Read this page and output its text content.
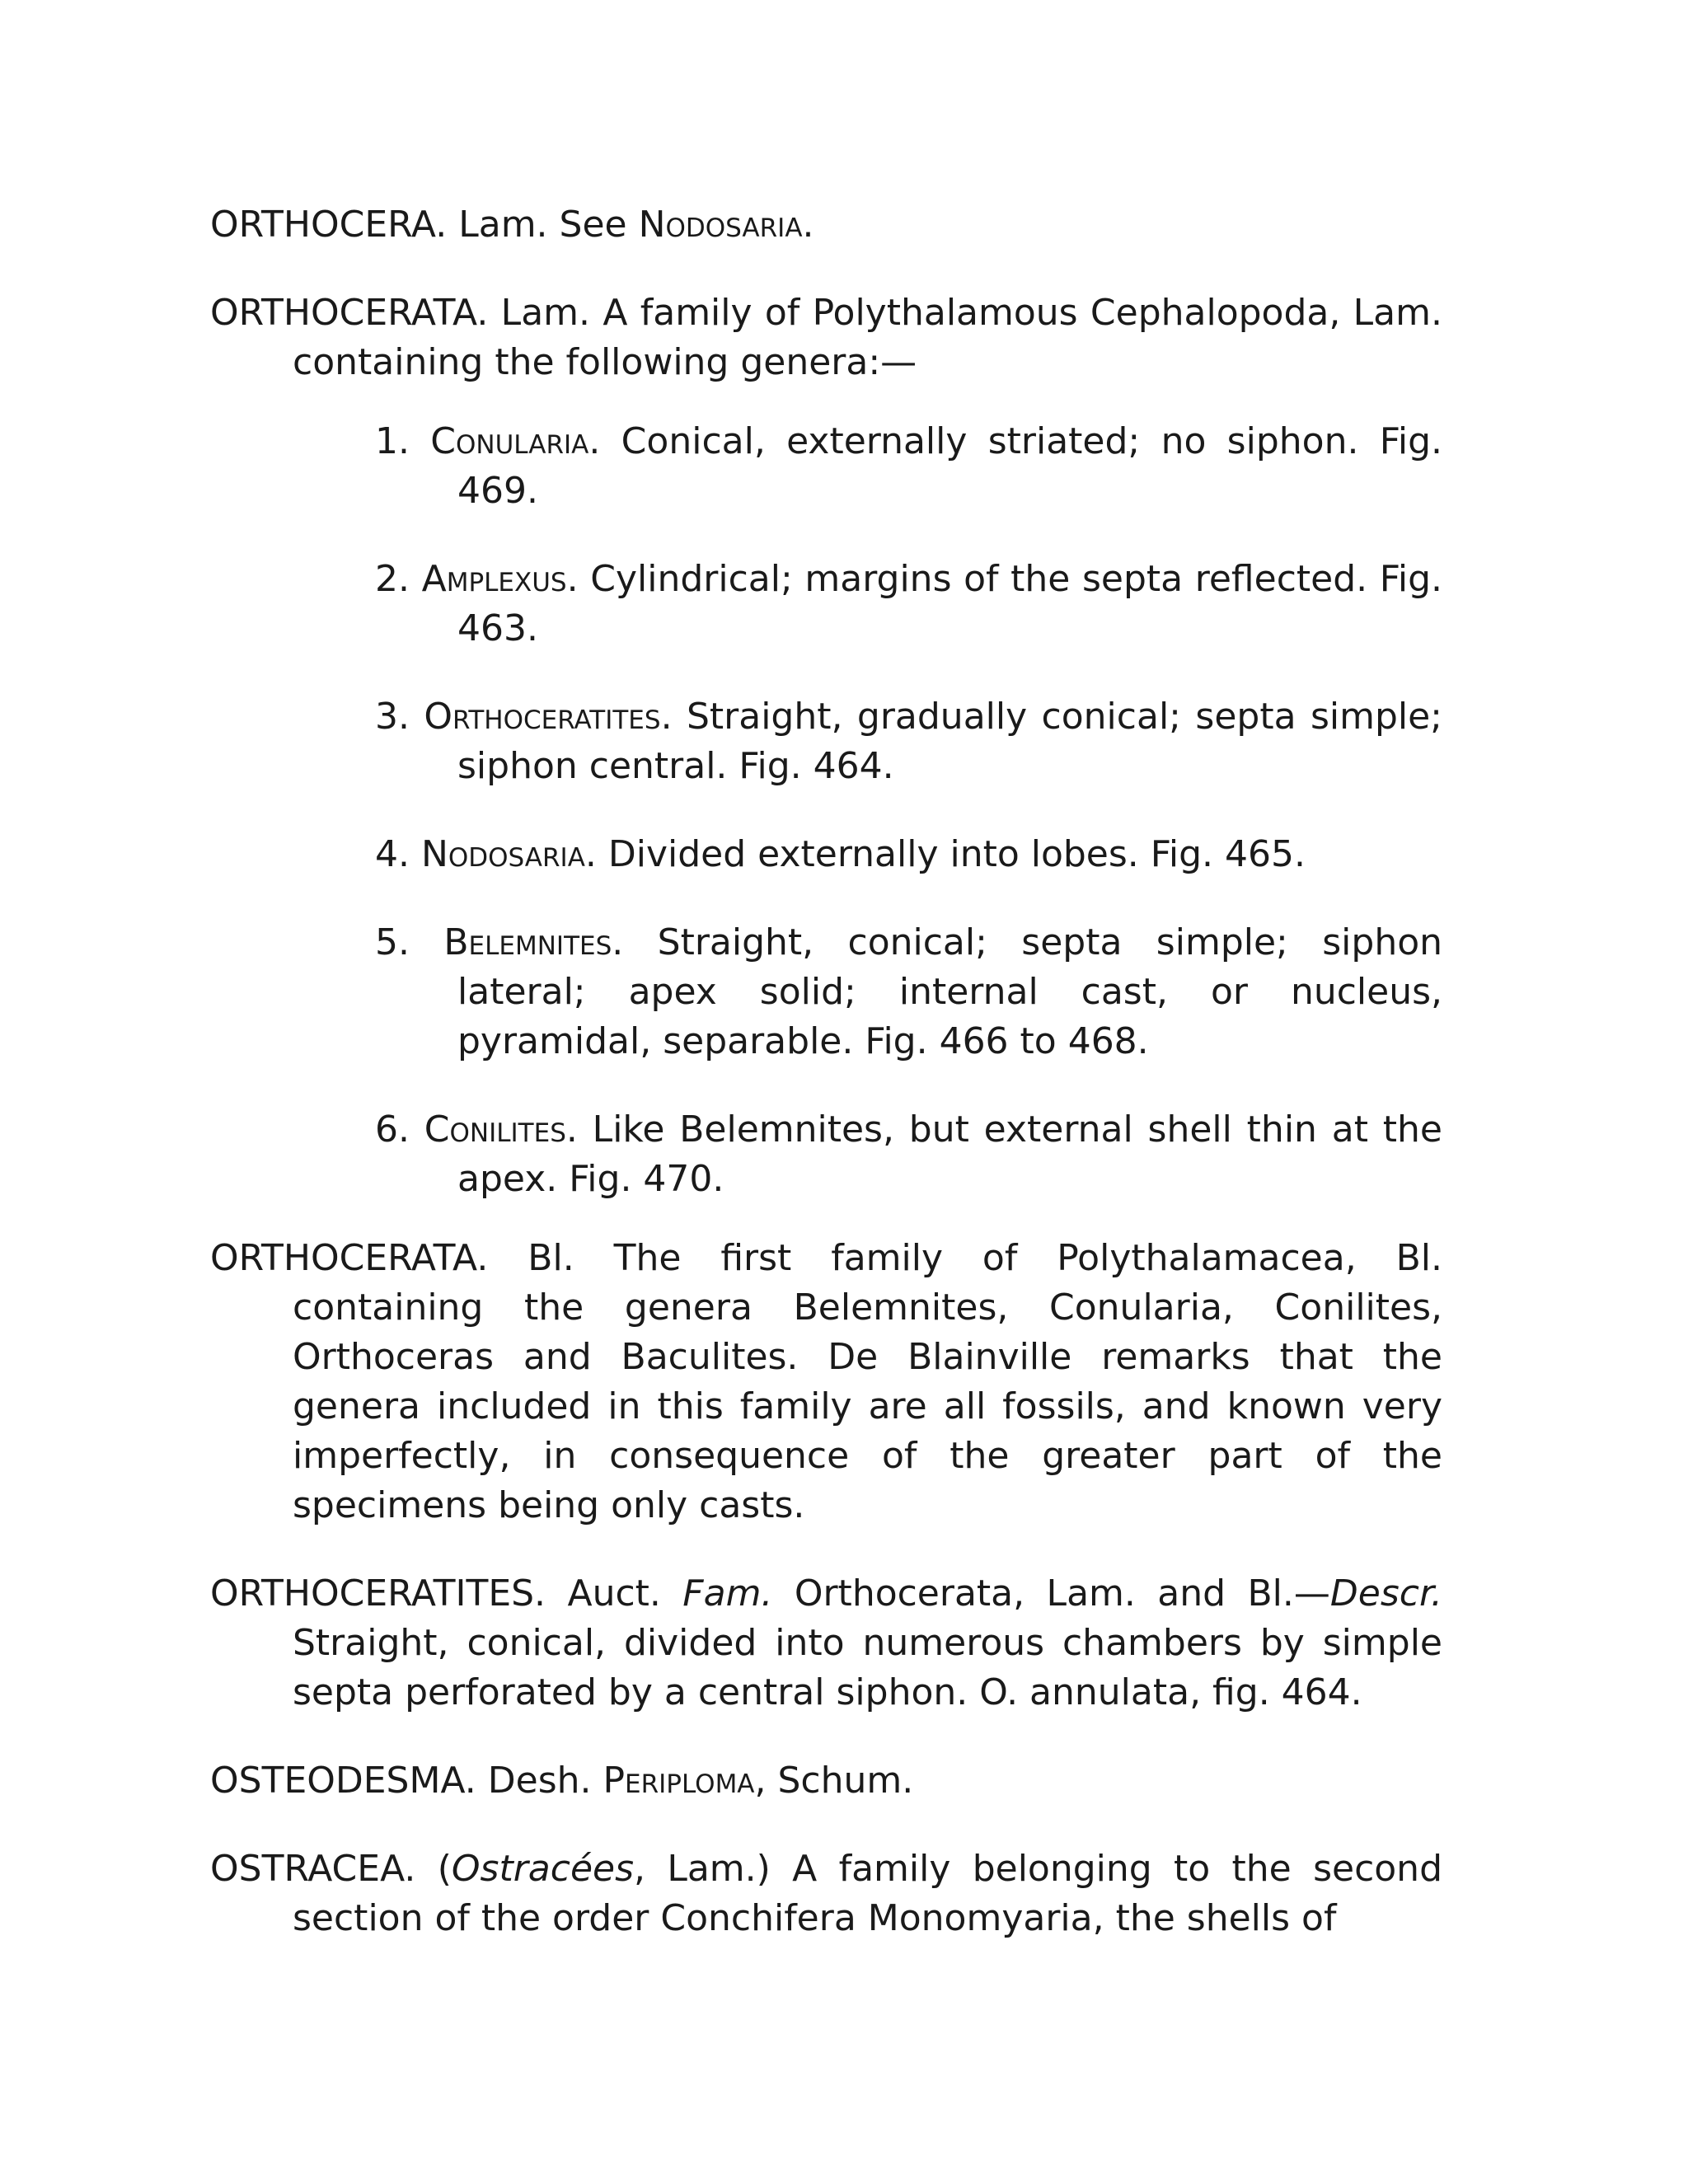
ORTHOCERA. Lam. See Nodosaria.

ORTHOCERATA. Lam. A family of Polythalamous Cephalopoda, Lam. containing the following genera:—

1. Conularia. Conical, externally striated; no siphon. Fig. 469.
2. Amplexus. Cylindrical; margins of the septa reflected. Fig. 463.
3. Orthoceratites. Straight, gradually conical; septa simple; siphon central. Fig. 464.
4. Nodosaria. Divided externally into lobes. Fig. 465.
5. Belemnites. Straight, conical; septa simple; siphon lateral; apex solid; internal cast, or nucleus, pyramidal, separable. Fig. 466 to 468.
6. Conilites. Like Belemnites, but external shell thin at the apex. Fig. 470.

ORTHOCERATA. Bl. The first family of Polythalamacea, Bl. containing the genera Belemnites, Conularia, Conilites, Orthoceras and Baculites. De Blainville remarks that the genera included in this family are all fossils, and known very imperfectly, in consequence of the greater part of the specimens being only casts.

ORTHOCERATITES. Auct. Fam. Orthocerata, Lam. and Bl.—Descr. Straight, conical, divided into numerous chambers by simple septa perforated by a central siphon. O. annulata, fig. 464.

OSTEODESMA. Desh. Periploma, Schum.

OSTRACEA. (Ostracées, Lam.) A family belonging to the second section of the order Conchifera Monomyaria, the shells of
